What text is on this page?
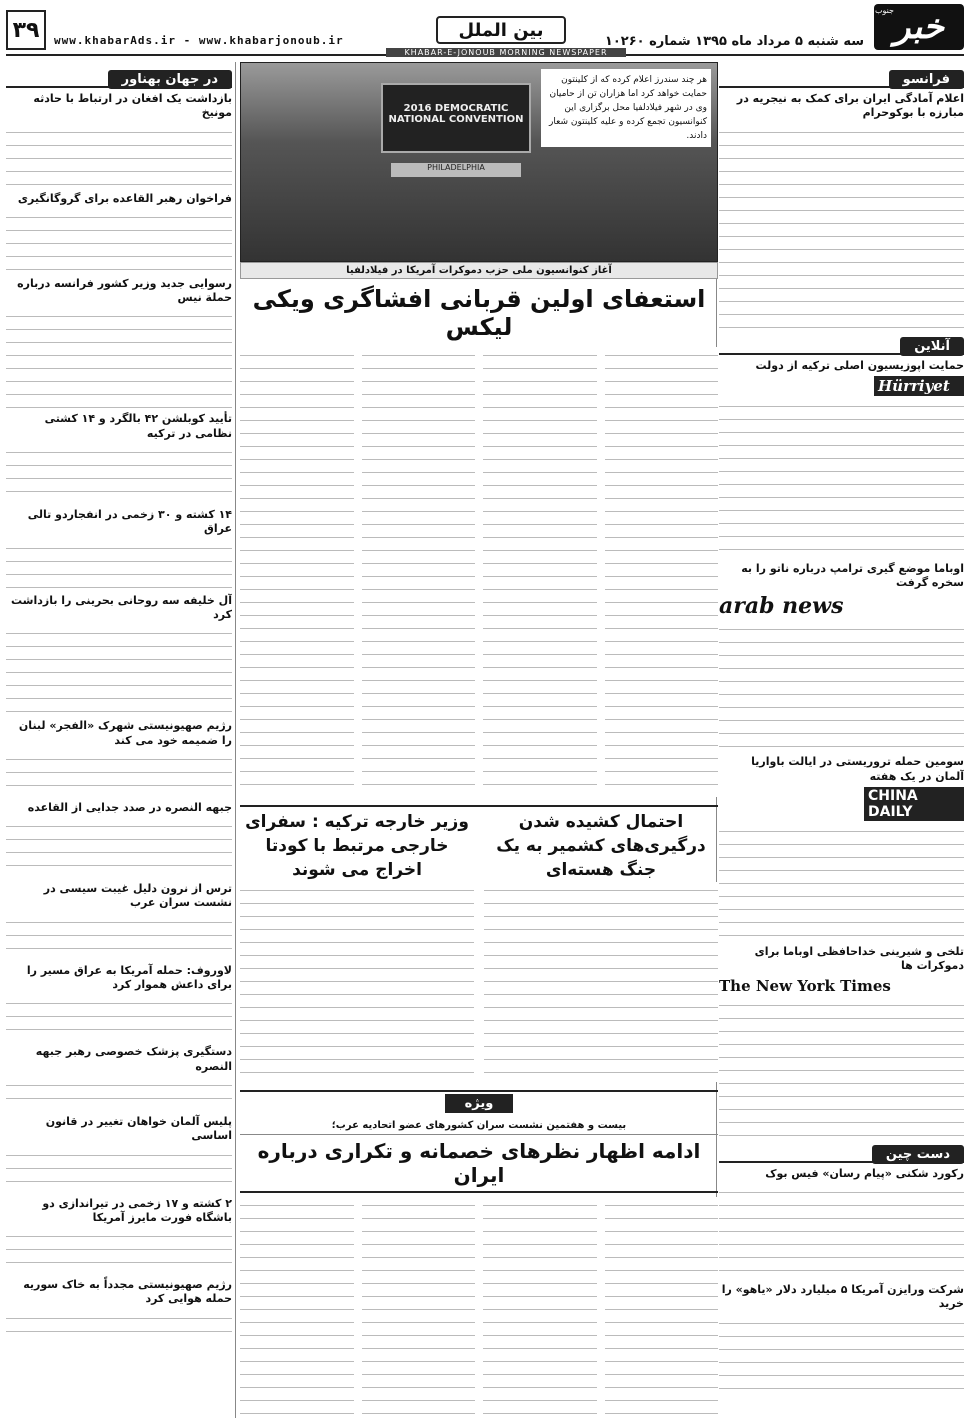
۳۹	www.khabarAds.ir - www.khabarjonoub.ir	بین الملل
KHABAR-E-JONOUB MORNING NEWSPAPER
خبر
جنوب
سه شنبه ۵ مرداد ماه ۱۳۹۵ شماره ۱۰۲۶۰
فرانسو
اعلام آمادگی ایران برای کمک به نیجریه در مبارزه با بوکوحرام
آنلاین
حمایت اپوزیسیون اصلی ترکیه از دولت
Hürriyet
اوباما موضع گیری ترامپ درباره ناتو را به سخره گرفت
arab news
سومین حمله تروریستی در ایالت باواریا آلمان در یک هفته
CHINA DAILY
تلخی و شیرینی خداحافظی اوباما برای دموکرات ها
The New York Times
دست چین
رکورد شکنی «پیام رسان» فیس بوک
شرکت ورایزن آمریکا ۵ میلیارد دلار «یاهو» را خرید
در جهان بهناور
بازداشت یک افغان در ارتباط با حادثه مونیخ
فراخوان رهبر القاعده برای گروگانگیری
رسوایی جدید وزیر کشور فرانسه درباره حملة نیس
تأیید کوبلشن ۴۲ بالگرد و ۱۴ کشتی نظامی در ترکیه
۱۴ کشته و ۳۰ زخمی در انفجاردو تالی عراق
آل خلیفه سه روحانی بحرینی را بازداشت کرد
رژیم صهیونیستی شهرک «الفجر» لبنان را ضمیمه خود می کند
جبهه النصره در صدد جدایی از القاعده
ترس از نرون دلیل غیبت سیسی در نشست سران عرب
لاوروف: حمله آمریکا به عراق مسیر را برای داعش هموار کرد
دستگیری پزشک خصوصی رهبر جبهه النصره
پلیس آلمان خواهان تغییر در قانون اساسی
۲ کشته و ۱۷ زخمی در تیراندازی دو باشگاه فورت مایرز آمریکا
رژیم صهیونیستی مجدداً به خاک سوریه حمله هوایی کرد
2016 DEMOCRATIC NATIONAL CONVENTION
PHILADELPHIA
هر چند سندرز اعلام کرده که از کلینتون حمایت خواهد کرد اما هزاران تن از حامیان وی در شهر فیلادلفیا محل برگزاری این کنوانسیون تجمع کرده و علیه کلینتون شعار دادند.
آغاز کنوانسیون ملی حزب دموکرات آمریکا در فیلادلفیا
استعفای اولین قربانی افشاگری ویکی لیکس
احتمال کشیده شدن درگیری‌های کشمیر به یک جنگ هسته‌ای
وزیر خارجه ترکیه : سفرای خارجی مرتبط با کودتا اخراج می شوند
ویژه
بیست و هفتمین نشست سران کشورهای عضو اتحادیه عرب؛
ادامه اظهار نظرهای خصمانه و تکراری درباره ایران
